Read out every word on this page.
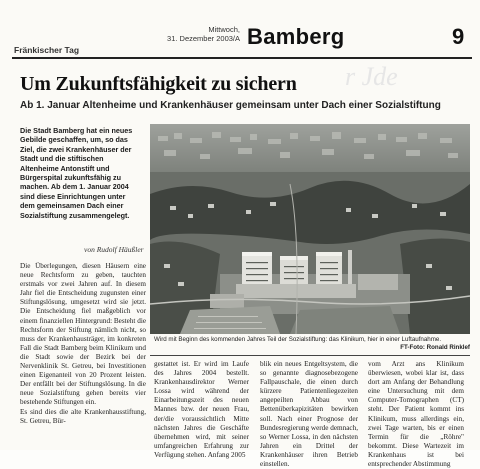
r Jde
Fränkischer Tag
Mittwoch,
31. Dezember 2003/A Bamberg	9
Um Zukunftsfähigkeit zu sichern
Ab 1. Januar Altenheime und Krankenhäuser gemeinsam unter Dach einer Sozialstiftung
Die Stadt Bamberg hat ein neues Gebilde geschaffen, um, so das Ziel, die zwei Krankenhäuser der Stadt und die stiftischen Altenheime Antonstift und Bürgerspital zukunftsfähig zu machen. Ab dem 1. Januar 2004 sind diese Einrichtungen unter dem gemeinsamen Dach einer Sozialstiftung zusammengelegt.
von Rudolf Häußler
Die Überlegungen, diesen Häusern eine neue Rechtsform zu geben, tauchten erstmals vor zwei Jahren auf. In diesem Jahr fiel die Entscheidung zugunsten einer Stiftungslösung, umgesetzt wird sie jetzt. Die Entscheidung fiel maßgeblich vor einem finanziellen Hintergrund: Besteht die Rechtsform der Stiftung nämlich nicht, so muss der Krankenhausträger, im konkreten Fall die Stadt Bamberg beim Klinikum und die Stadt sowie der Bezirk bei der Nervenklinik St. Getreu, bei Investitionen einen Eigenanteil von 20 Prozent leisten. Der entfällt bei der Stiftungslösung. In die neue Sozialstiftung gehen bereits vier bestehende Stiftungen ein.
Es sind dies die alte Krankenhausstiftung, St. Getreu, Bür-
Wird mit Beginn des kommenden Jahres Teil der Sozialstiftung: das Klinikum, hier in einer Luftaufnahme.
FT-Foto: Ronald Rinklef
gestattet ist. Er wird im Laufe des Jahres 2004 bestellt. Krankenhausdirektor Werner Lossa wird während der Einarbeitungszeit des neuen Mannes bzw. der neuen Frau, der/die voraussichtlich Mitte nächsten Jahres die Geschäfte übernehmen wird, mit seiner umfangreichen Erfahrung zur Verfügung stehen. Anfang 2005
blik ein neues Entgeltsystem, die so genannte diagnosebezogene Fallpauschale, die einen durch kürzere Patientenliegezeiten angepeilten Abbau von Bettenüberkapizitäten bewirken soll. Nach einer Prognose der Bundesregierung werde demnach, so Werner Lossa, in den nächsten Jahren ein Drittel der Krankenhäuser ihren Betrieb einstellen.
vom Arzt ans Klinikum überwiesen, wobei klar ist, dass dort am Anfang der Behandlung eine Untersuchung mit dem Computer-Tomographen (CT) steht. Der Patient kommt ins Klinikum, muss allerdings ein, zwei Tage warten, bis er einen Termin für die „Röhre" bekommt. Diese Wartezeit im Krankenhaus ist bei entsprechender Abstimmung
